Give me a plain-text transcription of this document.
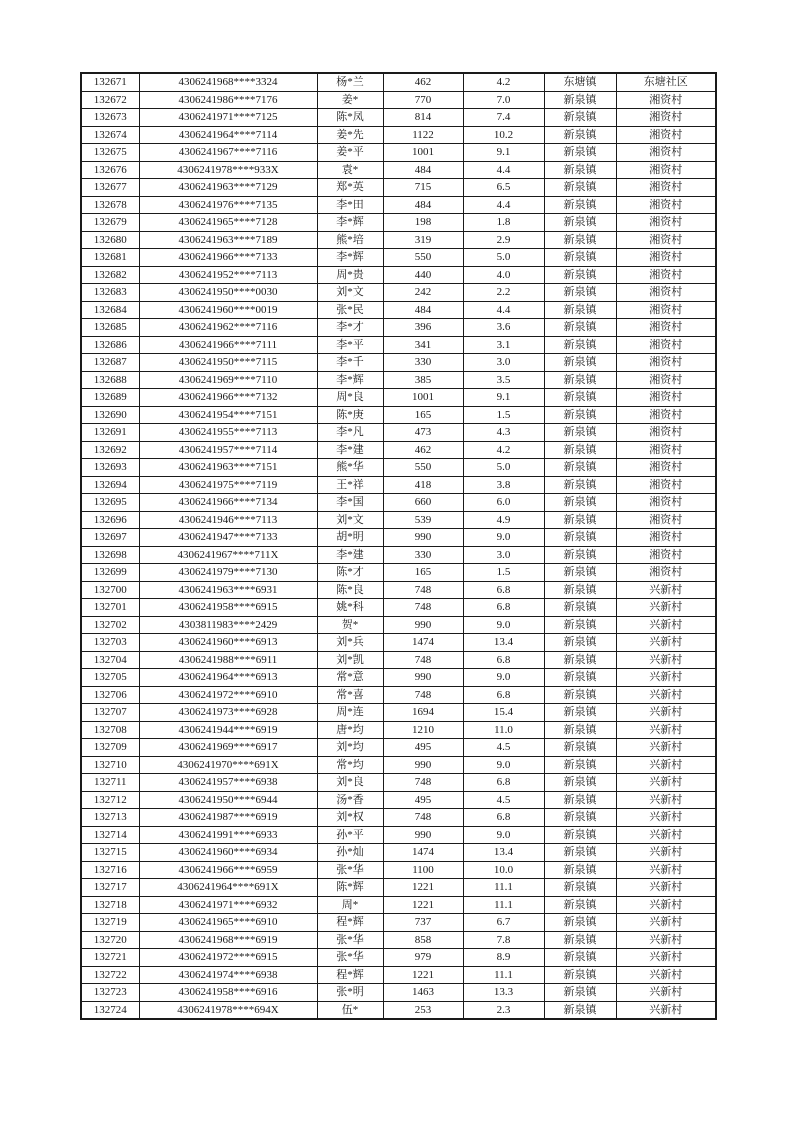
132671	4306241968****3324	杨*兰	462	4.2	东塘镇	东塘社区
132672	4306241986****7176	姜*	770	7.0	新泉镇	湘资村
132673	4306241971****7125	陈*凤	814	7.4	新泉镇	湘资村
132674	4306241964****7114	姜*先	1122	10.2	新泉镇	湘资村
132675	4306241967****7116	姜*平	1001	9.1	新泉镇	湘资村
132676	4306241978****933X	袁*	484	4.4	新泉镇	湘资村
132677	4306241963****7129	郑*英	715	6.5	新泉镇	湘资村
132678	4306241976****7135	李*田	484	4.4	新泉镇	湘资村
132679	4306241965****7128	李*辉	198	1.8	新泉镇	湘资村
132680	4306241963****7189	熊*培	319	2.9	新泉镇	湘资村
132681	4306241966****7133	李*辉	550	5.0	新泉镇	湘资村
132682	4306241952****7113	周*贵	440	4.0	新泉镇	湘资村
132683	4306241950****0030	刘*文	242	2.2	新泉镇	湘资村
132684	4306241960****0019	张*民	484	4.4	新泉镇	湘资村
132685	4306241962****7116	李*才	396	3.6	新泉镇	湘资村
132686	4306241966****7111	李*平	341	3.1	新泉镇	湘资村
132687	4306241950****7115	李*千	330	3.0	新泉镇	湘资村
132688	4306241969****7110	李*辉	385	3.5	新泉镇	湘资村
132689	4306241966****7132	周*良	1001	9.1	新泉镇	湘资村
132690	4306241954****7151	陈*庚	165	1.5	新泉镇	湘资村
132691	4306241955****7113	李*凡	473	4.3	新泉镇	湘资村
132692	4306241957****7114	李*建	462	4.2	新泉镇	湘资村
132693	4306241963****7151	熊*华	550	5.0	新泉镇	湘资村
132694	4306241975****7119	王*祥	418	3.8	新泉镇	湘资村
132695	4306241966****7134	李*国	660	6.0	新泉镇	湘资村
132696	4306241946****7113	刘*文	539	4.9	新泉镇	湘资村
132697	4306241947****7133	胡*明	990	9.0	新泉镇	湘资村
132698	4306241967****711X	李*建	330	3.0	新泉镇	湘资村
132699	4306241979****7130	陈*才	165	1.5	新泉镇	湘资村
132700	4306241963****6931	陈*良	748	6.8	新泉镇	兴新村
132701	4306241958****6915	姚*科	748	6.8	新泉镇	兴新村
132702	4303811983****2429	贺*	990	9.0	新泉镇	兴新村
132703	4306241960****6913	刘*兵	1474	13.4	新泉镇	兴新村
132704	4306241988****6911	刘*凯	748	6.8	新泉镇	兴新村
132705	4306241964****6913	常*意	990	9.0	新泉镇	兴新村
132706	4306241972****6910	常*喜	748	6.8	新泉镇	兴新村
132707	4306241973****6928	周*连	1694	15.4	新泉镇	兴新村
132708	4306241944****6919	唐*均	1210	11.0	新泉镇	兴新村
132709	4306241969****6917	刘*均	495	4.5	新泉镇	兴新村
132710	4306241970****691X	常*均	990	9.0	新泉镇	兴新村
132711	4306241957****6938	刘*良	748	6.8	新泉镇	兴新村
132712	4306241950****6944	汤*香	495	4.5	新泉镇	兴新村
132713	4306241987****6919	刘*权	748	6.8	新泉镇	兴新村
132714	4306241991****6933	孙*平	990	9.0	新泉镇	兴新村
132715	4306241960****6934	孙*灿	1474	13.4	新泉镇	兴新村
132716	4306241966****6959	张*华	1100	10.0	新泉镇	兴新村
132717	4306241964****691X	陈*辉	1221	11.1	新泉镇	兴新村
132718	4306241971****6932	周*	1221	11.1	新泉镇	兴新村
132719	4306241965****6910	程*辉	737	6.7	新泉镇	兴新村
132720	4306241968****6919	张*华	858	7.8	新泉镇	兴新村
132721	4306241972****6915	张*华	979	8.9	新泉镇	兴新村
132722	4306241974****6938	程*辉	1221	11.1	新泉镇	兴新村
132723	4306241958****6916	张*明	1463	13.3	新泉镇	兴新村
132724	4306241978****694X	伍*	253	2.3	新泉镇	兴新村
